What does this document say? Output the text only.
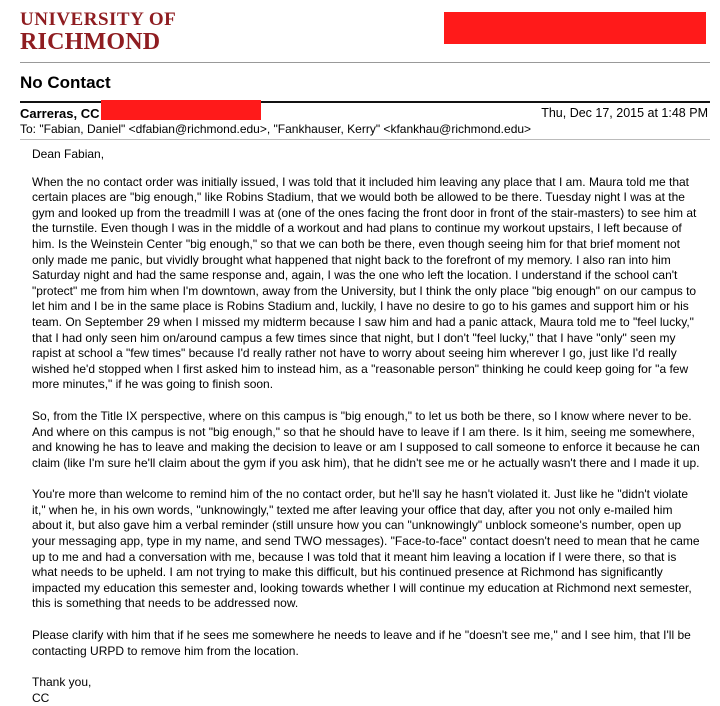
UNIVERSITY OF
RICHMOND
No Contact
Carreras, CC	Thu, Dec 17, 2015 at 1:48 PM
To: "Fabian, Daniel" <dfabian@richmond.edu>, "Fankhauser, Kerry" <kfankhau@richmond.edu>

Dean Fabian,

When the no contact order was initially issued, I was told that it included him leaving any place that I am. Maura told me that certain places are "big enough," like Robins Stadium, that we would both be allowed to be there. Tuesday night I was at the gym and looked up from the treadmill I was at (one of the ones facing the front door in front of the stair-masters) to see him at the turnstile. Even though I was in the middle of a workout and had plans to continue my workout upstairs, I left because of him. Is the Weinstein Center "big enough," so that we can both be there, even though seeing him for that brief moment not only made me panic, but vividly brought what happened that night back to the forefront of my memory. I also ran into him Saturday night and had the same response and, again, I was the one who left the location. I understand if the school can't "protect" me from him when I'm downtown, away from the University, but I think the only place "big enough" on our campus to let him and I be in the same place is Robins Stadium and, luckily, I have no desire to go to his games and support him or his team. On September 29 when I missed my midterm because I saw him and had a panic attack, Maura told me to "feel lucky," that I had only seen him on/around campus a few times since that night, but I don't "feel lucky," that I have "only" seen my rapist at school a "few times" because I'd really rather not have to worry about seeing him wherever I go, just like I'd really wished he'd stopped when I first asked him to instead him, as a "reasonable person" thinking he could keep going for "a few more minutes," if he was going to finish soon.

So, from the Title IX perspective, where on this campus is "big enough," to let us both be there, so I know where never to be. And where on this campus is not "big enough," so that he should have to leave if I am there. Is it him, seeing me somewhere, and knowing he has to leave and making the decision to leave or am I supposed to call someone to enforce it because he can claim (like I'm sure he'll claim about the gym if you ask him), that he didn't see me or he actually wasn't there and I made it up.

You're more than welcome to remind him of the no contact order, but he'll say he hasn't violated it. Just like he "didn't violate it," when he, in his own words, "unknowingly," texted me after leaving your office that day, after you not only e-mailed him about it, but also gave him a verbal reminder (still unsure how you can "unknowingly" unblock someone's number, open up your messaging app, type in my name, and send TWO messages). "Face-to-face" contact doesn't need to mean that he came up to me and had a conversation with me, because I was told that it meant him leaving a location if I were there, so that is what needs to be upheld. I am not trying to make this difficult, but his continued presence at Richmond has significantly impacted my education this semester and, looking towards whether I will continue my education at Richmond next semester, this is something that needs to be addressed now.

Please clarify with him that if he sees me somewhere he needs to leave and if he "doesn't see me," and I see him, that I'll be contacting URPD to remove him from the location.

Thank you,
CC
